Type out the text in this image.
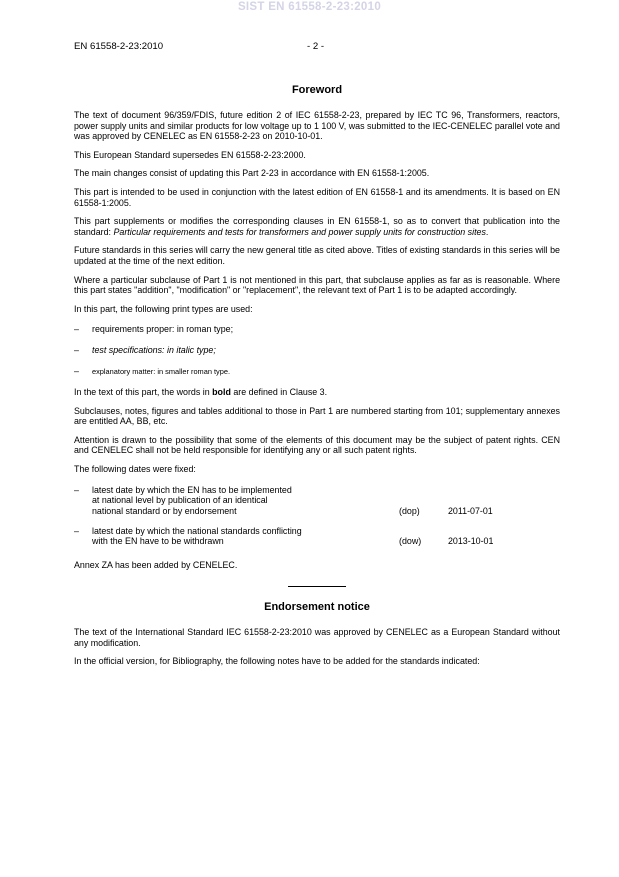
SIST EN 61558-2-23:2010
EN 61558-2-23:2010	- 2 -
Foreword

The text of document 96/359/FDIS, future edition 2 of IEC 61558-2-23, prepared by IEC TC 96, Transformers, reactors, power supply units and similar products for low voltage up to 1 100 V, was submitted to the IEC-CENELEC parallel vote and was approved by CENELEC as EN 61558-2-23 on 2010-10-01.

This European Standard supersedes EN 61558-2-23:2000.

The main changes consist of updating this Part 2-23 in accordance with EN 61558-1:2005.

This part is intended to be used in conjunction with the latest edition of EN 61558-1 and its amendments. It is based on EN 61558-1:2005.

This part supplements or modifies the corresponding clauses in EN 61558-1, so as to convert that publication into the standard: Particular requirements and tests for transformers and power supply units for construction sites.

Future standards in this series will carry the new general title as cited above. Titles of existing standards in this series will be updated at the time of the next edition.

Where a particular subclause of Part 1 is not mentioned in this part, that subclause applies as far as is reasonable. Where this part states "addition", "modification" or "replacement", the relevant text of Part 1 is to be adapted accordingly.

In this part, the following print types are used:

– requirements proper: in roman type;
– test specifications: in italic type;
– explanatory matter: in smaller roman type.

In the text of this part, the words in bold are defined in Clause 3.

Subclauses, notes, figures and tables additional to those in Part 1 are numbered starting from 101; supplementary annexes are entitled AA, BB, etc.

Attention is drawn to the possibility that some of the elements of this document may be the subject of patent rights. CEN and CENELEC shall not be held responsible for identifying any or all such patent rights.

The following dates were fixed:

– latest date by which the EN has to be implemented
at national level by publication of an identical
national standard or by endorsement	(dop)	2011-07-01
– latest date by which the national standards conflicting
with the EN have to be withdrawn	(dow)	2013-10-01

Annex ZA has been added by CENELEC.

Endorsement notice

The text of the International Standard IEC 61558-2-23:2010 was approved by CENELEC as a European Standard without any modification.

In the official version, for Bibliography, the following notes have to be added for the standards indicated:
